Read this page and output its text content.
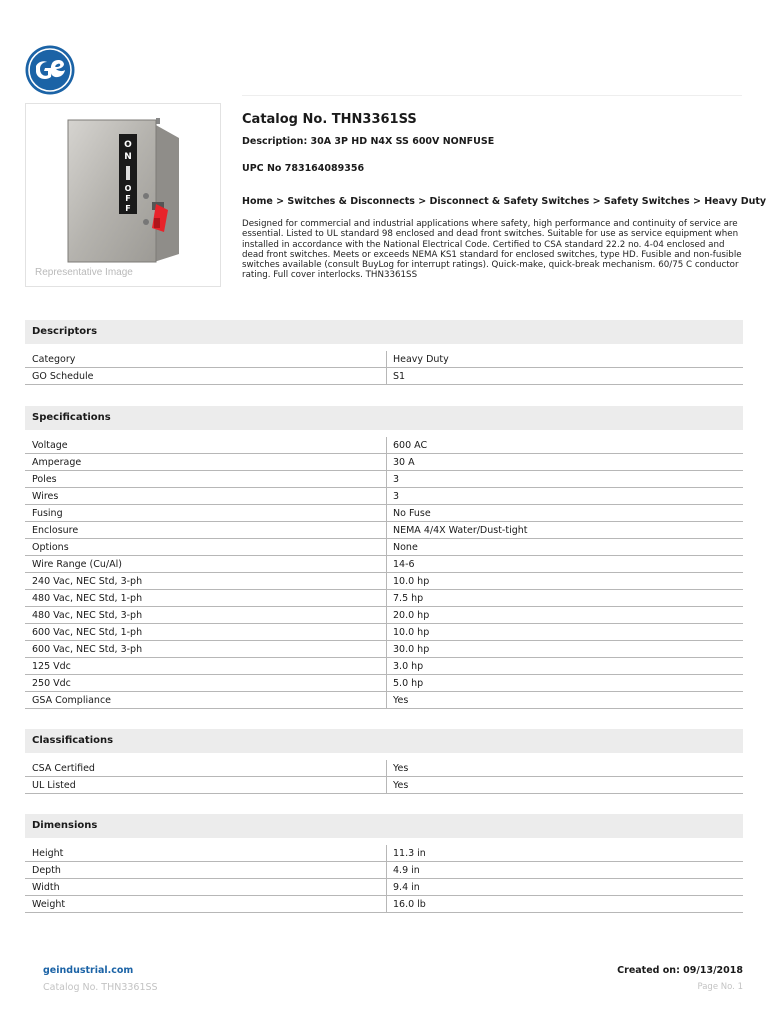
O
N
O
F
F
Representative Image
Catalog No. THN3361SS
Description: 30A 3P HD N4X SS 600V NONFUSE
UPC No 783164089356
Home > Switches & Disconnects > Disconnect & Safety Switches > Safety Switches > Heavy Duty
Designed for commercial and industrial applications where safety, high performance and continuity of service are essential. Listed to UL standard 98 enclosed and dead front switches. Suitable for use as service equipment when installed in accordance with the National Electrical Code. Certified to CSA standard 22.2 no. 4-04 enclosed and dead front switches. Meets or exceeds NEMA KS1 standard for enclosed switches, type HD. Fusible and non-fusible switches available (consult BuyLog for interrupt ratings). Quick-make, quick-break mechanism. 60/75 C conductor rating. Full cover interlocks. THN3361SS
Descriptors
Category	Heavy Duty
GO Schedule	S1
Specifications
Voltage	600 AC
Amperage	30 A
Poles	3
Wires	3
Fusing	No Fuse
Enclosure	NEMA 4/4X Water/Dust-tight
Options	None
Wire Range (Cu/Al)	14-6
240 Vac, NEC Std, 3-ph	10.0 hp
480 Vac, NEC Std, 1-ph	7.5 hp
480 Vac, NEC Std, 3-ph	20.0 hp
600 Vac, NEC Std, 1-ph	10.0 hp
600 Vac, NEC Std, 3-ph	30.0 hp
125 Vdc	3.0 hp
250 Vdc	5.0 hp
GSA Compliance	Yes
Classifications
CSA Certified	Yes
UL Listed	Yes
Dimensions
Height	11.3 in
Depth	4.9 in
Width	9.4 in
Weight	16.0 lb
geindustrial.com
Catalog No. THN3361SS
Created on: 09/13/2018
Page No. 1
